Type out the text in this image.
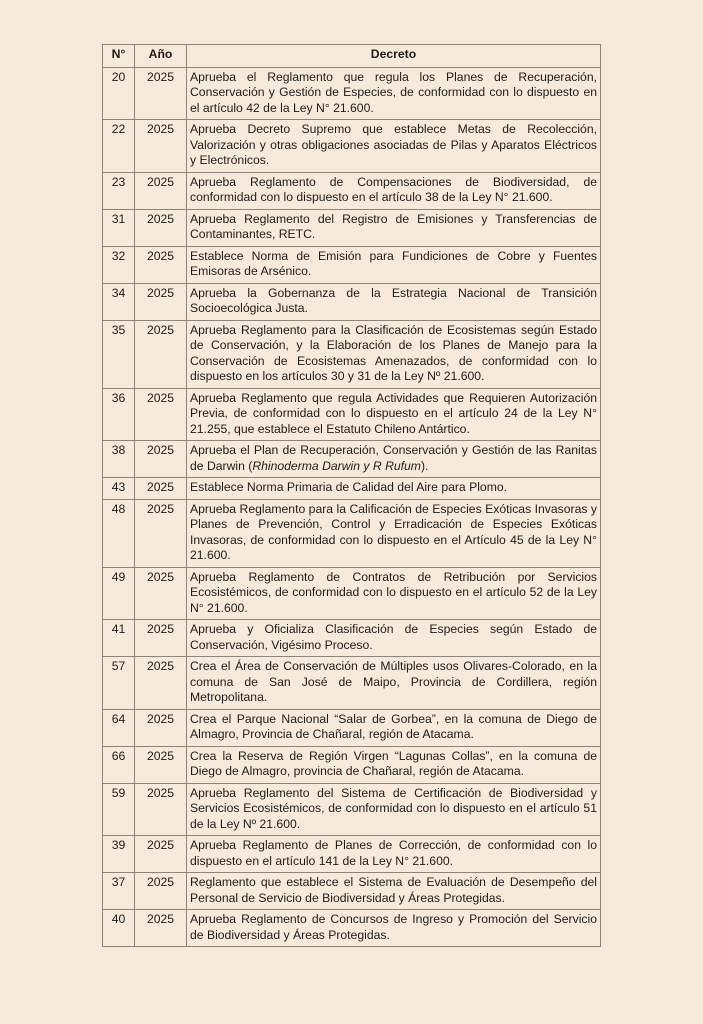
N°	Año	Decreto
20	2025	Aprueba el Reglamento que regula los Planes de Recuperación, Conservación y Gestión de Especies, de conformidad con lo dispuesto en el artículo 42 de la Ley N° 21.600.
22	2025	Aprueba Decreto Supremo que establece Metas de Recolección, Valorización y otras obligaciones asociadas de Pilas y Aparatos Eléctricos y Electrónicos.
23	2025	Aprueba Reglamento de Compensaciones de Biodiversidad, de conformidad con lo dispuesto en el artículo 38 de la Ley N° 21.600.
31	2025	Aprueba Reglamento del Registro de Emisiones y Transferencias de Contaminantes, RETC.
32	2025	Establece Norma de Emisión para Fundiciones de Cobre y Fuentes Emisoras de Arsénico.
34	2025	Aprueba la Gobernanza de la Estrategia Nacional de Transición Socioecológica Justa.
35	2025	Aprueba Reglamento para la Clasificación de Ecosistemas según Estado de Conservación, y la Elaboración de los Planes de Manejo para la Conservación de Ecosistemas Amenazados, de conformidad con lo dispuesto en los artículos 30 y 31 de la Ley Nº 21.600.
36	2025	Aprueba Reglamento que regula Actividades que Requieren Autorización Previa, de conformidad con lo dispuesto en el artículo 24 de la Ley N° 21.255, que establece el Estatuto Chileno Antártico.
38	2025	Aprueba el Plan de Recuperación, Conservación y Gestión de las Ranitas de Darwin (Rhinoderma Darwin y R Rufum).
43	2025	Establece Norma Primaria de Calidad del Aire para Plomo.
48	2025	Aprueba Reglamento para la Calificación de Especies Exóticas Invasoras y Planes de Prevención, Control y Erradicación de Especies Exóticas Invasoras, de conformidad con lo dispuesto en el Artículo 45 de la Ley N° 21.600.
49	2025	Aprueba Reglamento de Contratos de Retribución por Servicios Ecosistémicos, de conformidad con lo dispuesto en el artículo 52 de la Ley N° 21.600.
41	2025	Aprueba y Oficializa Clasificación de Especies según Estado de Conservación, Vigésimo Proceso.
57	2025	Crea el Área de Conservación de Múltiples usos Olivares-Colorado, en la comuna de San José de Maipo, Provincia de Cordillera, región Metropolitana.
64	2025	Crea el Parque Nacional “Salar de Gorbea”, en la comuna de Diego de Almagro, Provincia de Chañaral, región de Atacama.
66	2025	Crea la Reserva de Región Virgen “Lagunas Collas”, en la comuna de Diego de Almagro, provincia de Chañaral, región de Atacama.
59	2025	Aprueba Reglamento del Sistema de Certificación de Biodiversidad y Servicios Ecosistémicos, de conformidad con lo dispuesto en el artículo 51 de la Ley Nº 21.600.
39	2025	Aprueba Reglamento de Planes de Corrección, de conformidad con lo dispuesto en el artículo 141 de la Ley N° 21.600.
37	2025	Reglamento que establece el Sistema de Evaluación de Desempeño del Personal de Servicio de Biodiversidad y Áreas Protegidas.
40	2025	Aprueba Reglamento de Concursos de Ingreso y Promoción del Servicio de Biodiversidad y Áreas Protegidas.
